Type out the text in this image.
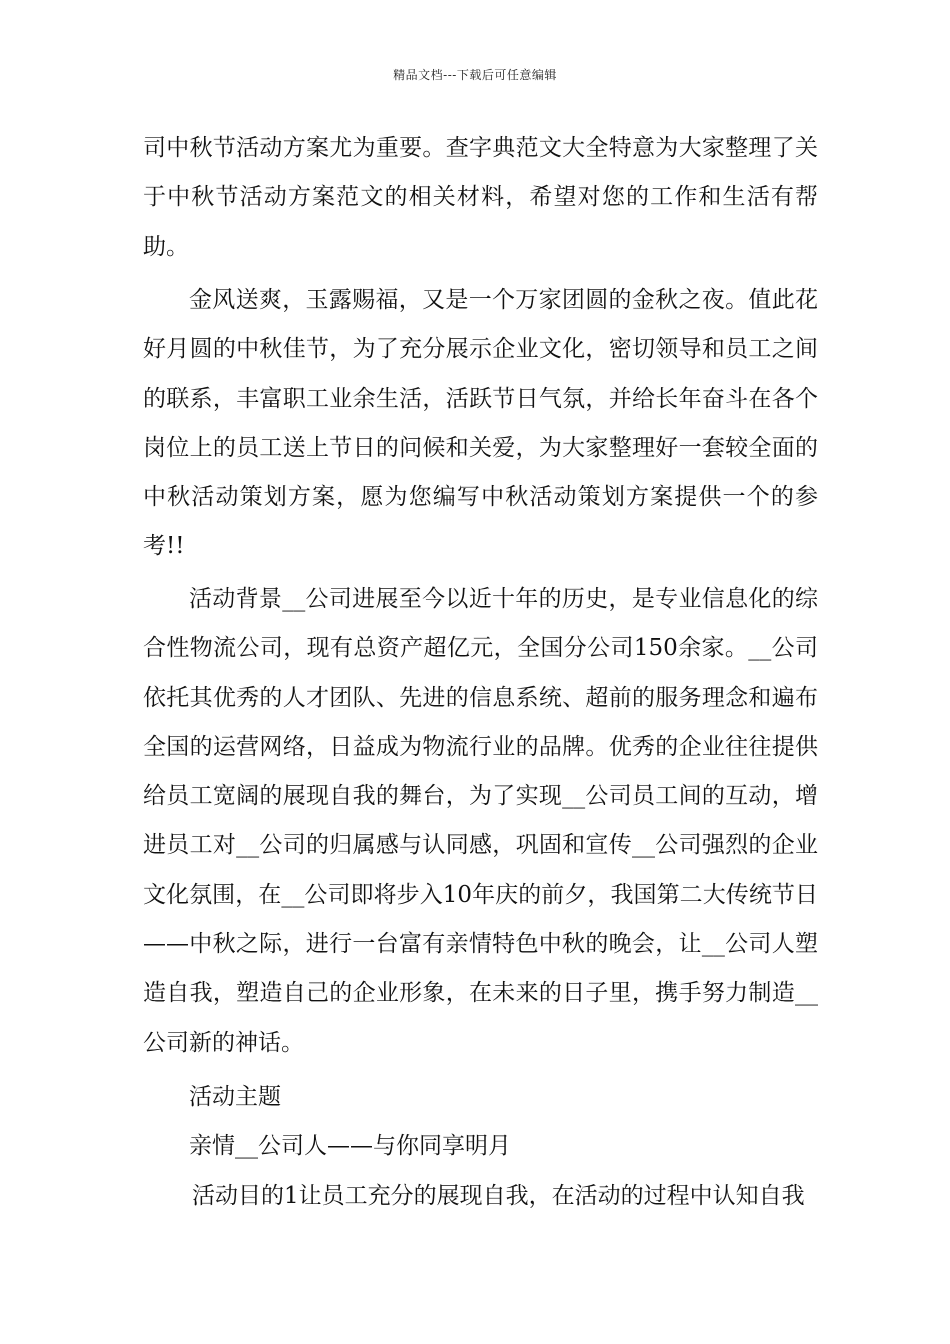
精品文档---下载后可任意编辑

司中秋节活动方案尤为重要。查字典范文大全特意为大家整理了关于中秋节活动方案范文的相关材料，希望对您的工作和生活有帮助。

金风送爽，玉露赐福，又是一个万家团圆的金秋之夜。值此花好月圆的中秋佳节，为了充分展示企业文化，密切领导和员工之间的联系，丰富职工业余生活，活跃节日气氛，并给长年奋斗在各个岗位上的员工送上节日的问候和关爱，为大家整理好一套较全面的中秋活动策划方案，愿为您编写中秋活动策划方案提供一个的参考!!

活动背景__公司进展至今以近十年的历史，是专业信息化的综合性物流公司，现有总资产超亿元，全国分公司150余家。__公司依托其优秀的人才团队、先进的信息系统、超前的服务理念和遍布全国的运营网络，日益成为物流行业的品牌。优秀的企业往往提供给员工宽阔的展现自我的舞台，为了实现__公司员工间的互动，增进员工对__公司的归属感与认同感，巩固和宣传__公司强烈的企业文化氛围，在__公司即将步入10年庆的前夕，我国第二大传统节日——中秋之际，进行一台富有亲情特色中秋的晚会，让__公司人塑造自我，塑造自己的企业形象，在未来的日子里，携手努力制造__公司新的神话。

活动主题

亲情__公司人——与你同享明月

活动目的1让员工充分的展现自我，在活动的过程中认知自我
